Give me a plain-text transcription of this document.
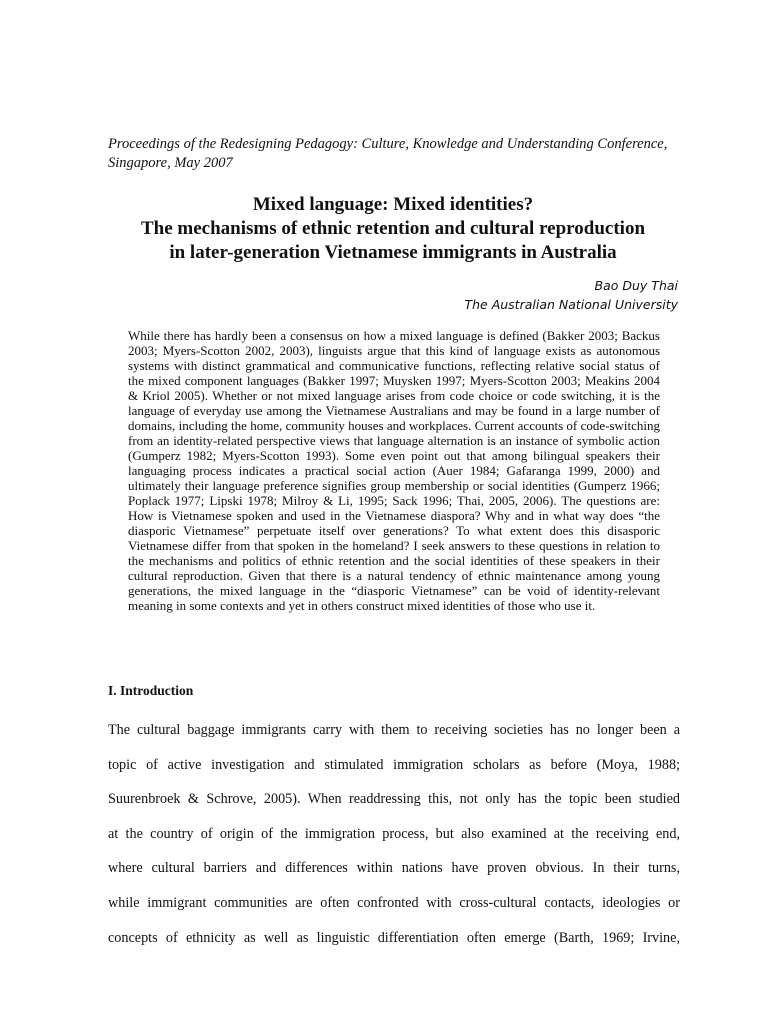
Proceedings of the Redesigning Pedagogy: Culture, Knowledge and Understanding Conference, Singapore, May 2007
Mixed language: Mixed identities?
The mechanisms of ethnic retention and cultural reproduction
in later-generation Vietnamese immigrants in Australia
Bao Duy Thai
The Australian National University

While there has hardly been a consensus on how a mixed language is defined (Bakker 2003; Backus 2003; Myers-Scotton 2002, 2003), linguists argue that this kind of language exists as autonomous systems with distinct grammatical and communicative functions, reflecting relative social status of the mixed component languages (Bakker 1997; Muysken 1997; Myers-Scotton 2003; Meakins 2004 & Kriol 2005). Whether or not mixed language arises from code choice or code switching, it is the language of everyday use among the Vietnamese Australians and may be found in a large number of domains, including the home, community houses and workplaces. Current accounts of code-switching from an identity-related perspective views that language alternation is an instance of symbolic action (Gumperz 1982; Myers-Scotton 1993). Some even point out that among bilingual speakers their languaging process indicates a practical social action (Auer 1984; Gafaranga 1999, 2000) and ultimately their language preference signifies group membership or social identities (Gumperz 1966; Poplack 1977; Lipski 1978; Milroy & Li, 1995; Sack 1996; Thai, 2005, 2006). The questions are: How is Vietnamese spoken and used in the Vietnamese diaspora? Why and in what way does “the diasporic Vietnamese” perpetuate itself over generations? To what extent does this disasporic Vietnamese differ from that spoken in the homeland? I seek answers to these questions in relation to the mechanisms and politics of ethnic retention and the social identities of these speakers in their cultural reproduction. Given that there is a natural tendency of ethnic maintenance among young generations, the mixed language in the “diasporic Vietnamese” can be void of identity-relevant meaning in some contexts and yet in others construct mixed identities of those who use it.

I. Introduction
The cultural baggage immigrants carry with them to receiving societies has no longer been a
topic of active investigation and stimulated immigration scholars as before (Moya, 1988;
Suurenbroek & Schrove, 2005). When readdressing this, not only has the topic been studied
at the country of origin of the immigration process, but also examined at the receiving end,
where cultural barriers and differences within nations have proven obvious. In their turns,
while immigrant communities are often confronted with cross-cultural contacts, ideologies or
concepts of ethnicity as well as linguistic differentiation often emerge (Barth, 1969; Irvine,
